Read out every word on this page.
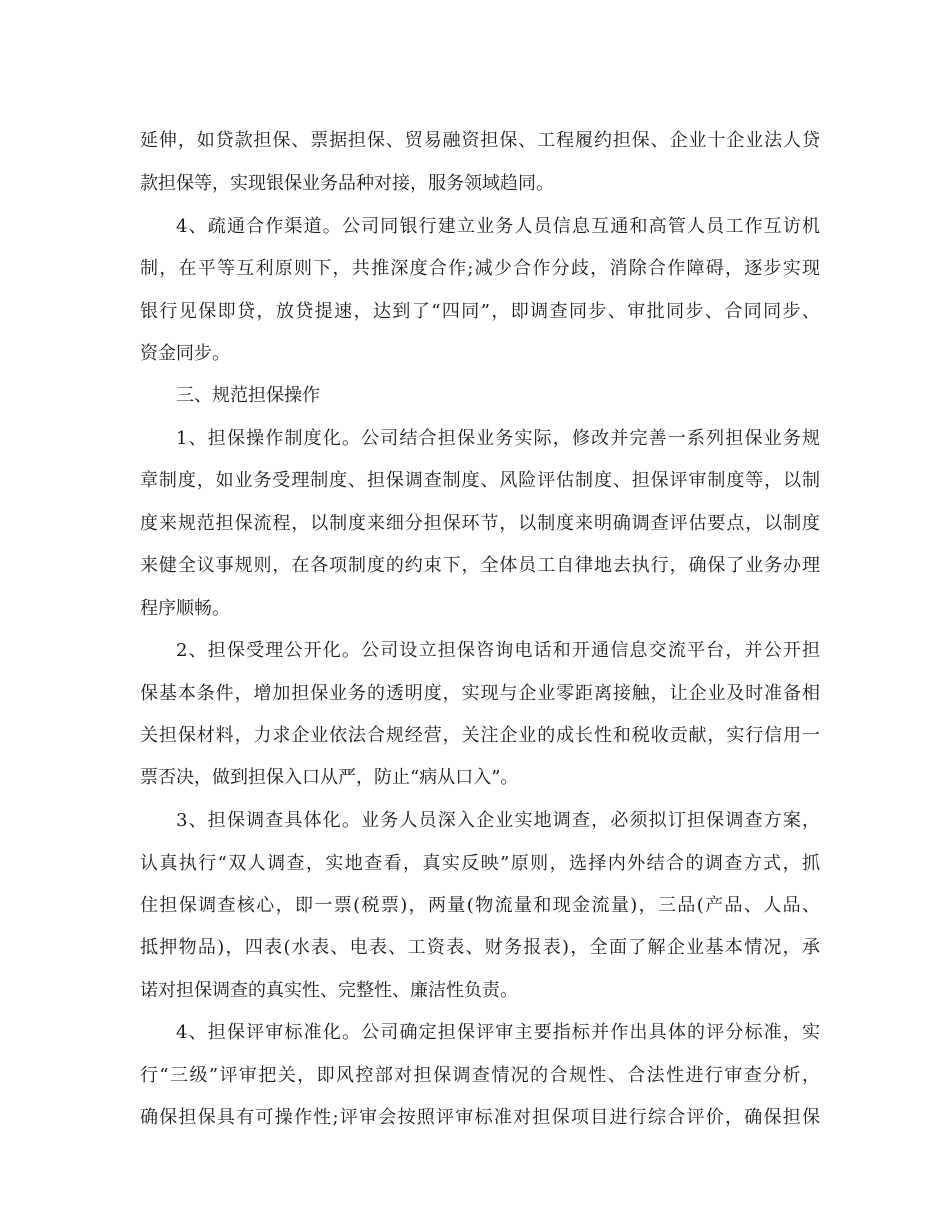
延伸，如贷款担保、票据担保、贸易融资担保、工程履约担保、企业十企业法人贷
款担保等，实现银保业务品种对接，服务领域趋同。
4、疏通合作渠道。公司同银行建立业务人员信息互通和高管人员工作互访机
制，在平等互利原则下，共推深度合作;减少合作分歧，消除合作障碍，逐步实现
银行见保即贷，放贷提速，达到了“四同”，即调查同步、审批同步、合同同步、
资金同步。
三、规范担保操作
1、担保操作制度化。公司结合担保业务实际，修改并完善一系列担保业务规
章制度，如业务受理制度、担保调查制度、风险评估制度、担保评审制度等，以制
度来规范担保流程，以制度来细分担保环节，以制度来明确调查评估要点，以制度
来健全议事规则，在各项制度的约束下，全体员工自律地去执行，确保了业务办理
程序顺畅。
2、担保受理公开化。公司设立担保咨询电话和开通信息交流平台，并公开担
保基本条件，增加担保业务的透明度，实现与企业零距离接触，让企业及时准备相
关担保材料，力求企业依法合规经营，关注企业的成长性和税收贡献，实行信用一
票否决，做到担保入口从严，防止“病从口入”。
3、担保调查具体化。业务人员深入企业实地调查，必须拟订担保调查方案，
认真执行“双人调查，实地查看，真实反映”原则，选择内外结合的调查方式，抓
住担保调查核心，即一票(税票)，两量(物流量和现金流量)，三品(产品、人品、
抵押物品)，四表(水表、电表、工资表、财务报表)，全面了解企业基本情况，承
诺对担保调查的真实性、完整性、廉洁性负责。
4、担保评审标准化。公司确定担保评审主要指标并作出具体的评分标准，实
行“三级”评审把关，即风控部对担保调查情况的合规性、合法性进行审查分析，
确保担保具有可操作性;评审会按照评审标准对担保项目进行综合评价，确保担保
